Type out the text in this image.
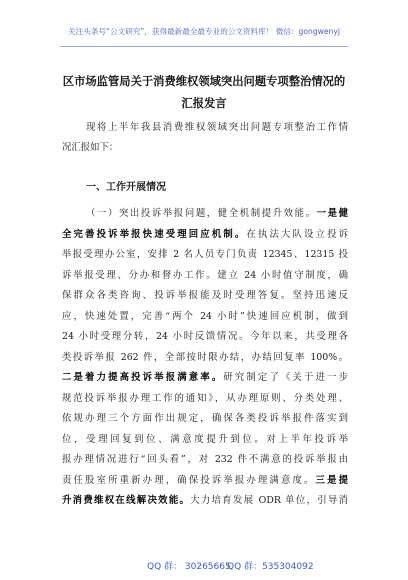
关注头条号“公文研究”，获得最新最全最专业的公文资料库！ 微信：gongwenyj
区市场监管局关于消费维权领域突出问题专项整治情况的
汇报发言
现将上半年我县消费维权领域突出问题专项整治工作情
况汇报如下：
一、工作开展情况
（一）突出投诉举报问题，健全机制提升效能。一是健
全完善投诉举报快速受理回应机制。在执法大队设立投诉
举报受理办公室，安排 2 名人员专门负责 12345、12315 投
诉举报受理、分办和督办工作。建立 24 小时值守制度，确
保群众各类咨询、投诉举报能及时受理答复。坚持迅速反
应，快速处置，完善“两个 24 小时”快速回应机制，做到
24 小时受理分转，24 小时反馈情况。今年以来，共受理各
类投诉举报 262 件，全部按时限办结，办结回复率 100%。
二是着力提高投诉举报满意率。研究制定了《关于进一步
规范投诉举报办理工作的通知》，从办理原则、分类处理、
依规办理三个方面作出规定，确保各类投诉举报件落实到
位，受理回复到位、满意度提升到位。对上半年投诉举
报办理情况进行“回头看”，对 232 件不满意的投诉举报由
责任股室所重新办理，确保投诉举报办理满意度。三是提
升消费维权在线解决效能。大力培育发展 ODR 单位，引导消
QQ 群： 30265665
QQ 群：535304092
